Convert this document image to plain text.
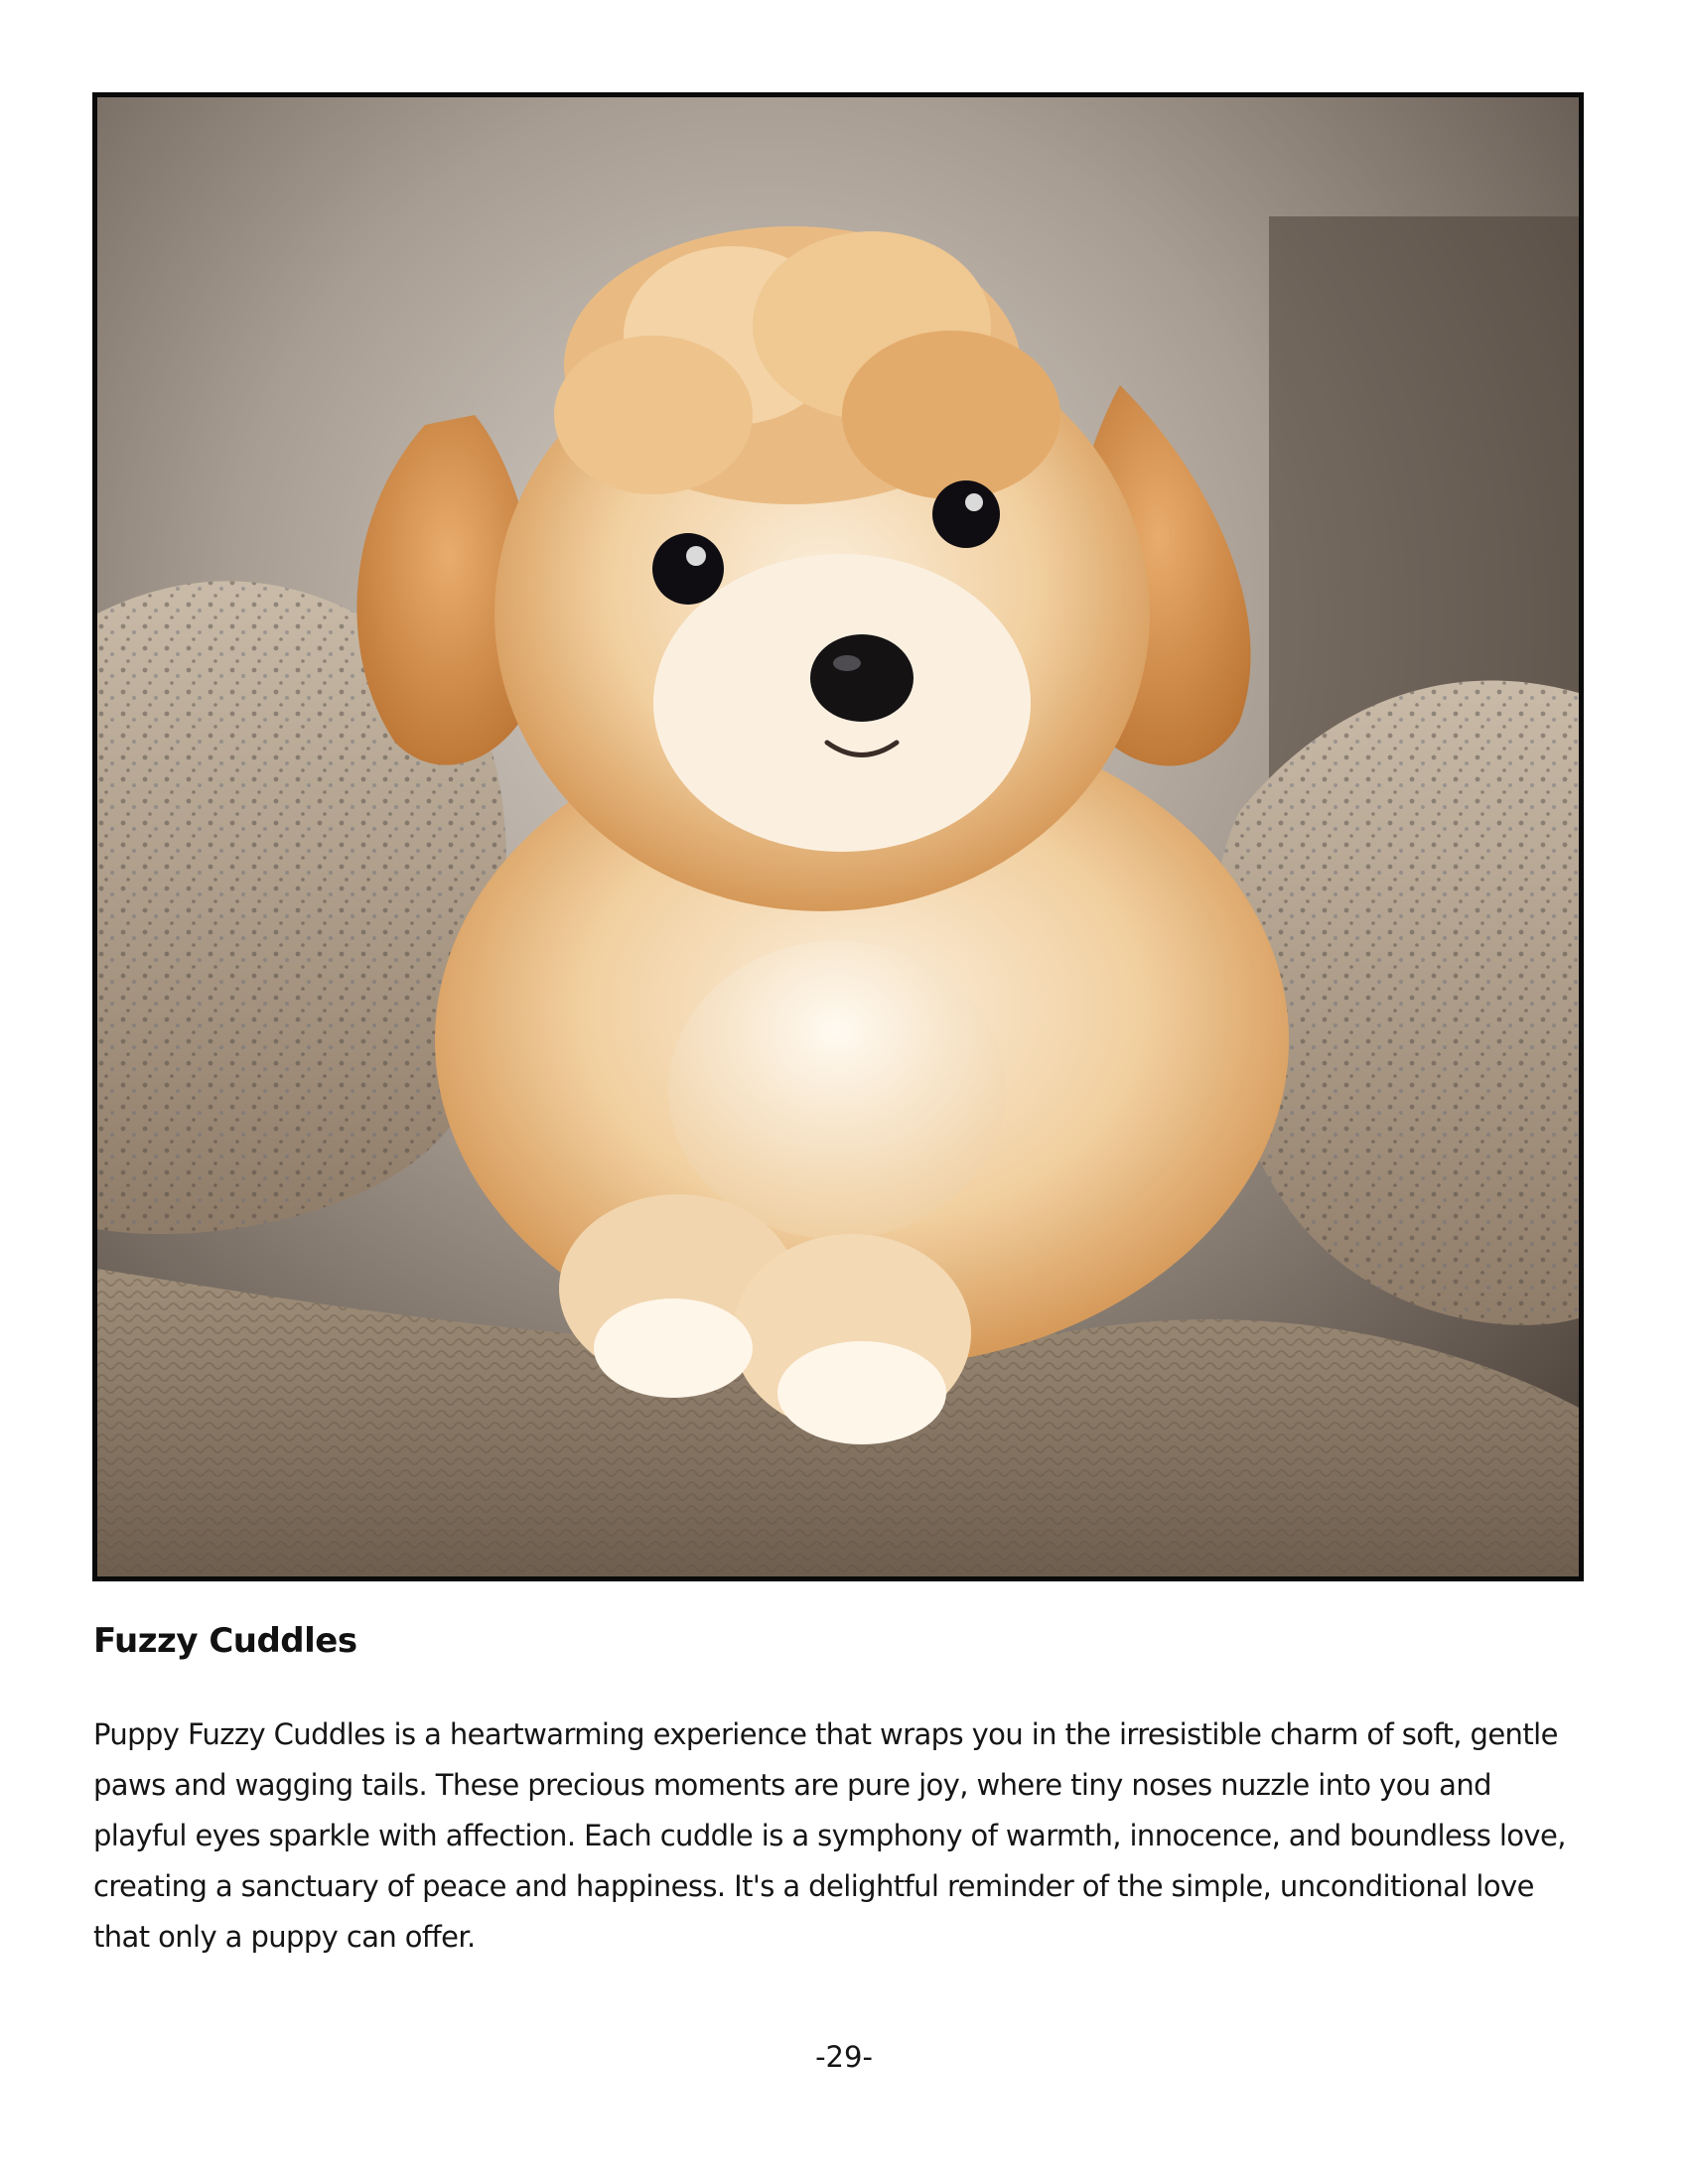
Fuzzy Cuddles

Puppy Fuzzy Cuddles is a heartwarming experience that wraps you in the irresistible charm of soft, gentle paws and wagging tails. These precious moments are pure joy, where tiny noses nuzzle into you and playful eyes sparkle with affection. Each cuddle is a symphony of warmth, innocence, and boundless love, creating a sanctuary of peace and happiness. It's a delightful reminder of the simple, unconditional love that only a puppy can offer.

-29-
